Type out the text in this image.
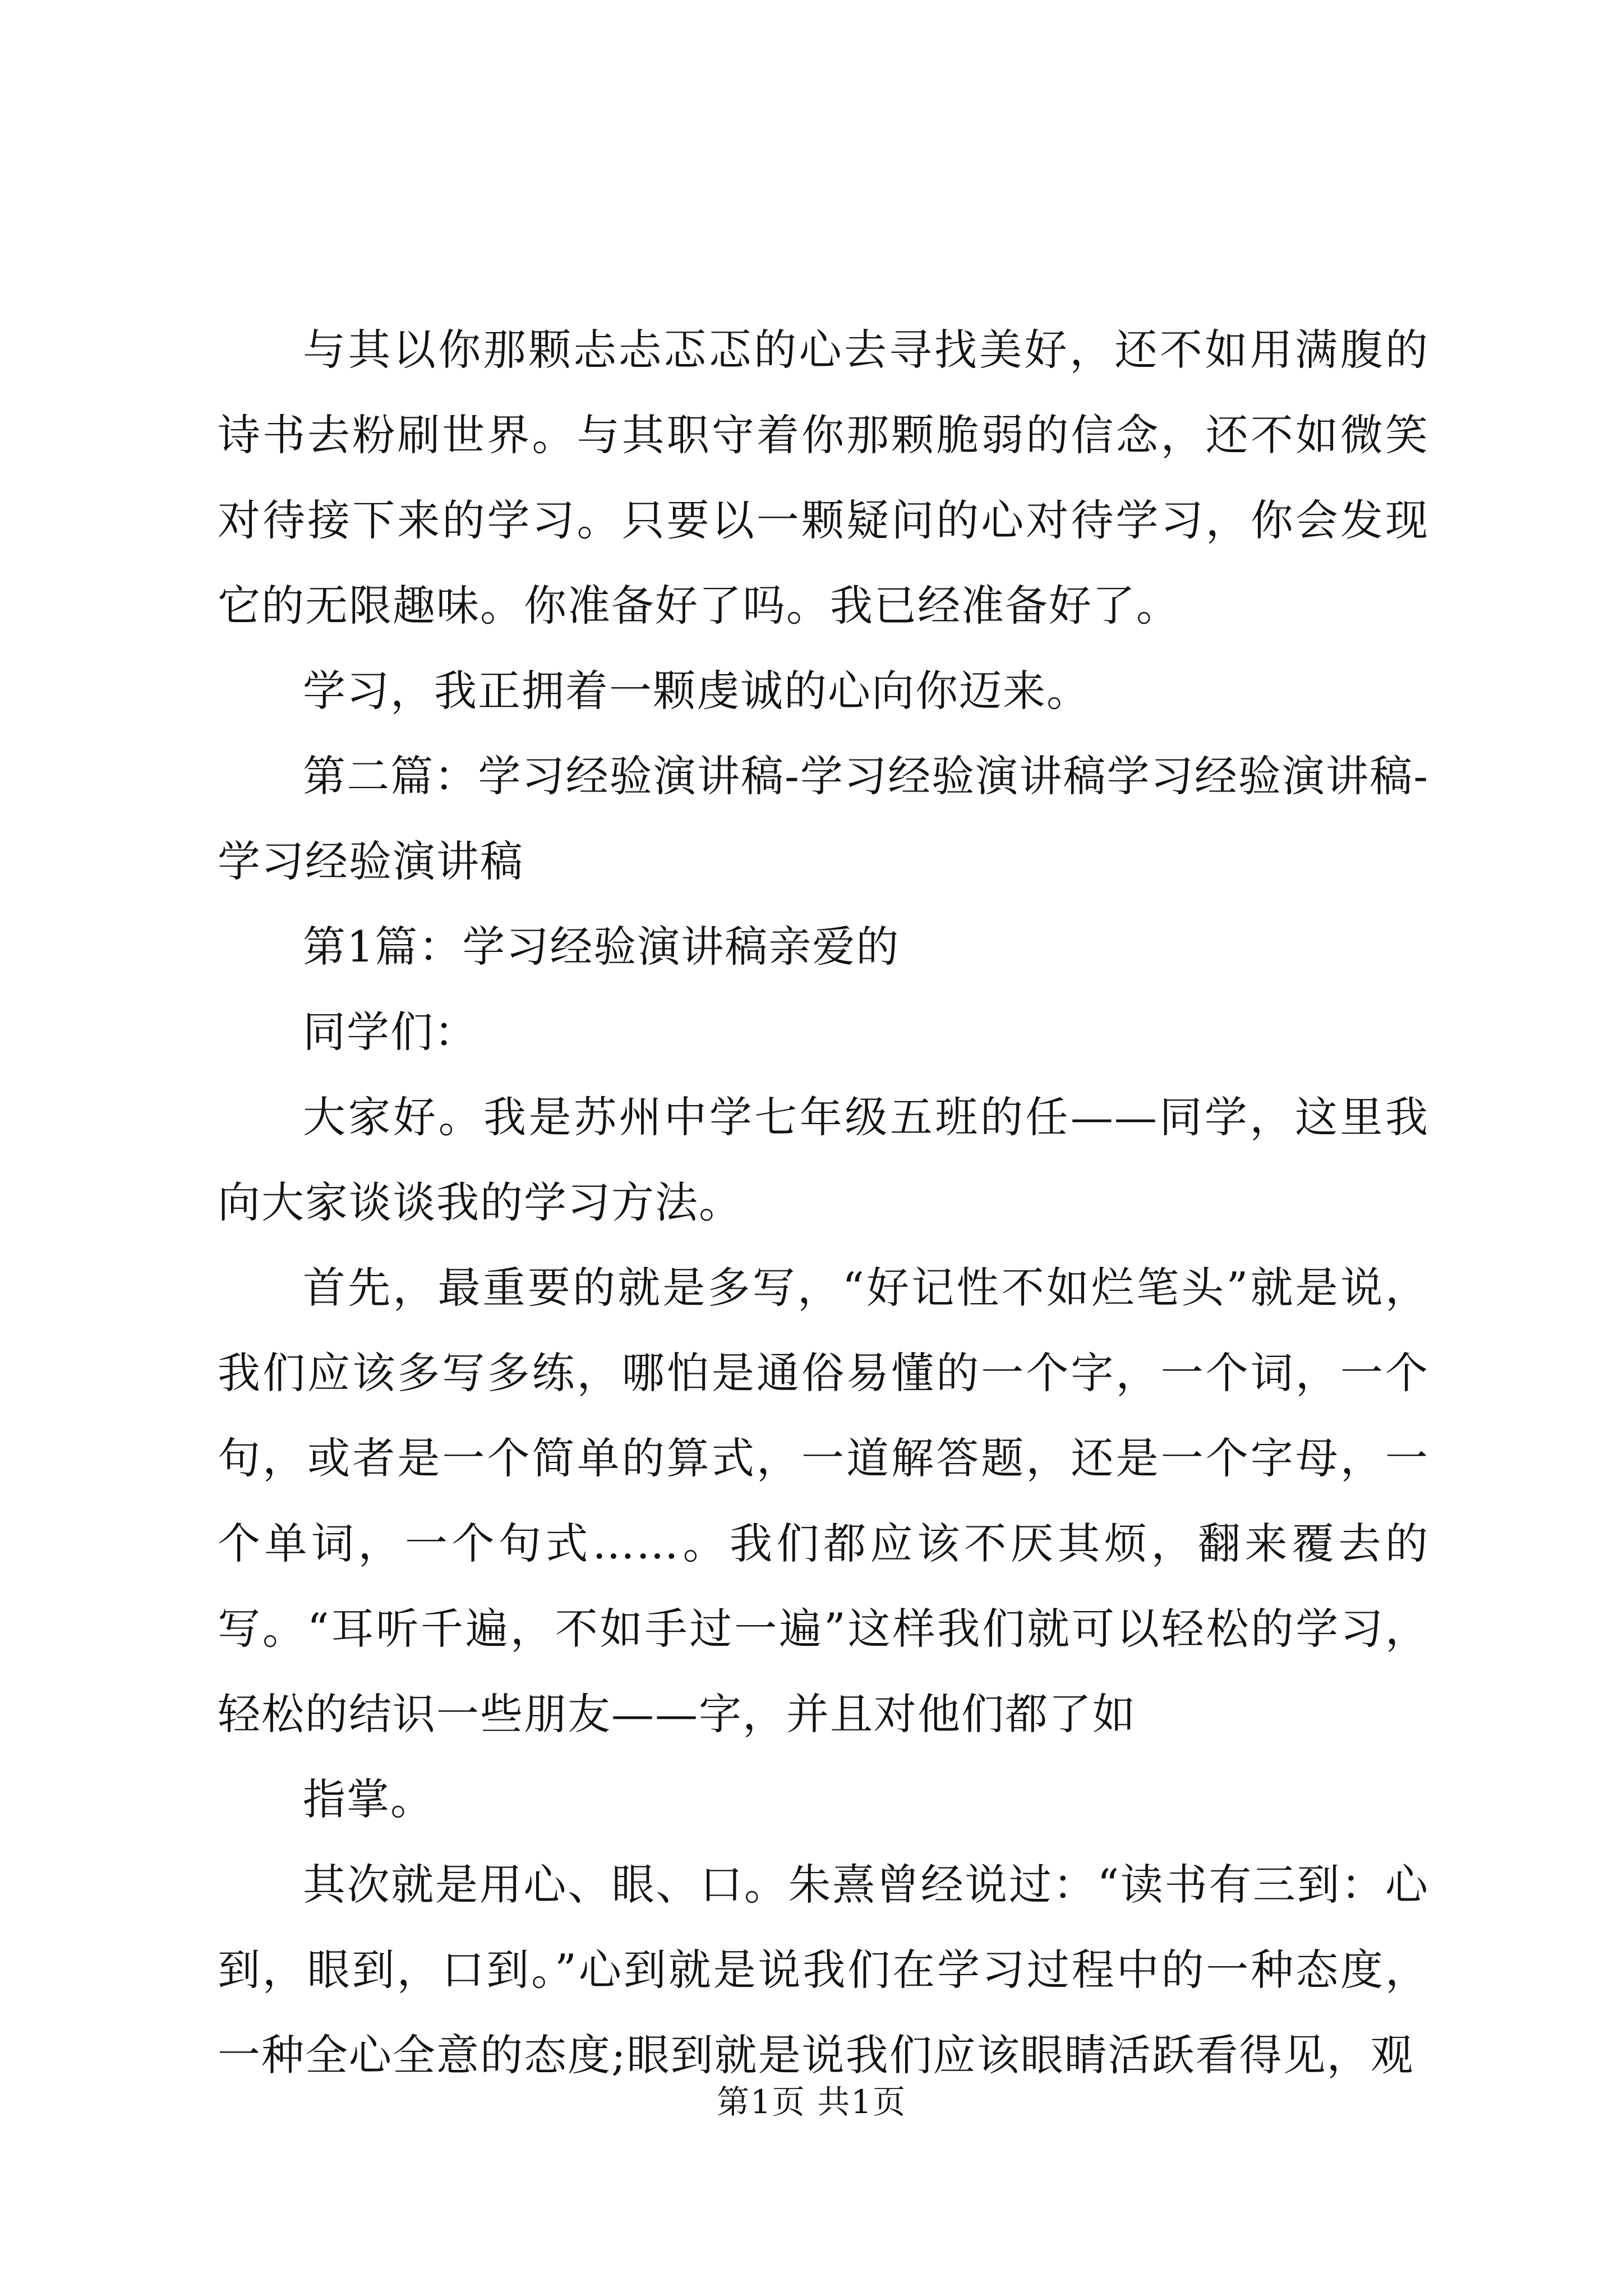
与其以你那颗忐忐忑忑的心去寻找美好，还不如用满腹的诗书去粉刷世界。与其职守着你那颗脆弱的信念，还不如微笑对待接下来的学习。只要以一颗疑问的心对待学习，你会发现它的无限趣味。你准备好了吗。我已经准备好了。

学习，我正拥着一颗虔诚的心向你迈来。

第二篇：学习经验演讲稿-学习经验演讲稿学习经验演讲稿-学习经验演讲稿

第1篇：学习经验演讲稿亲爱的

同学们：

大家好。我是苏州中学七年级五班的任——同学，这里我向大家谈谈我的学习方法。

首先，最重要的就是多写，“好记性不如烂笔头”就是说，我们应该多写多练，哪怕是通俗易懂的一个字，一个词，一个句，或者是一个简单的算式，一道解答题，还是一个字母，一个单词，一个句式……。我们都应该不厌其烦，翻来覆去的写。“耳听千遍，不如手过一遍”这样我们就可以轻松的学习，轻松的结识一些朋友——字，并且对他们都了如

指掌。

其次就是用心、眼、口。朱熹曾经说过：“读书有三到：心到，眼到，口到。”心到就是说我们在学习过程中的一种态度，一种全心全意的态度;眼到就是说我们应该眼睛活跃看得见，观

第1页 共1页
